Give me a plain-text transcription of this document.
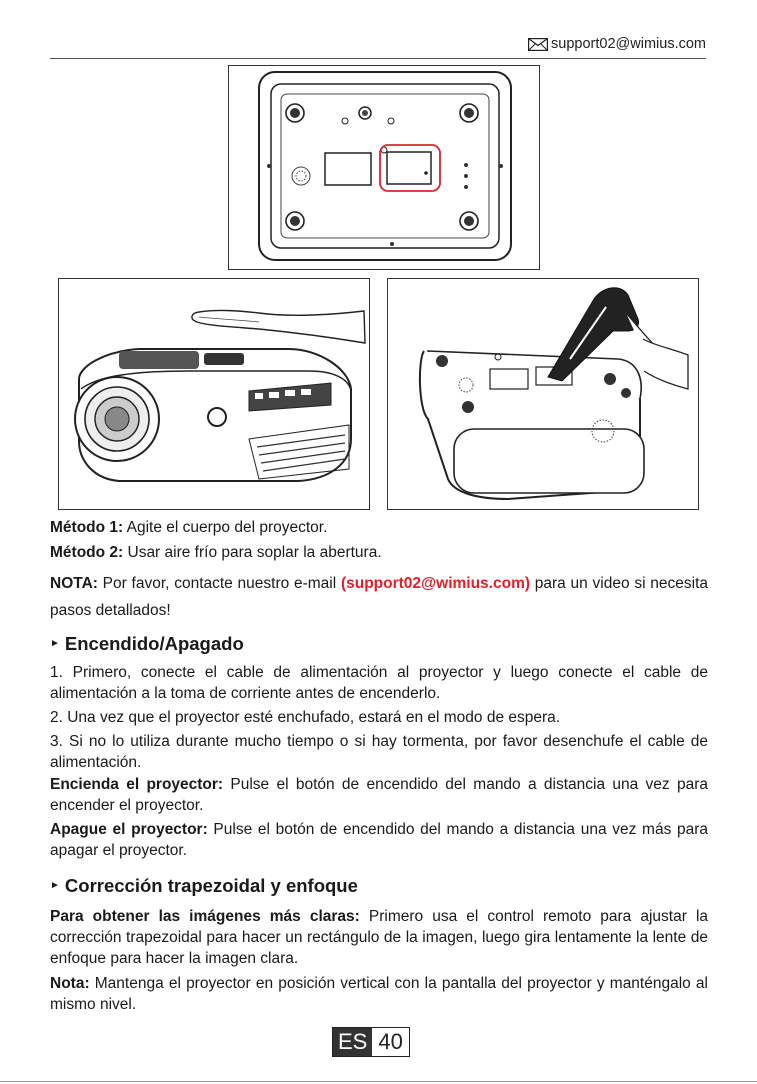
support02@wimius.com

Método 1: Agite el cuerpo del proyector.

Método 2: Usar aire frío para soplar la abertura.

NOTA: Por favor, contacte nuestro e-mail (support02@wimius.com) para un video si necesita pasos detallados!

► Encendido/Apagado

1. Primero, conecte el cable de alimentación al proyector y luego conecte el cable de alimentación a la toma de corriente antes de encenderlo.

2. Una vez que el proyector esté enchufado, estará en el modo de espera.

3. Si no lo utiliza durante mucho tiempo o si hay tormenta, por favor desenchufe el cable de alimentación.

Encienda el proyector: Pulse el botón de encendido del mando a distancia una vez para encender el proyector.

Apague el proyector: Pulse el botón de encendido del mando a distancia una vez más para apagar el proyector.

► Corrección trapezoidal y enfoque

Para obtener las imágenes más claras: Primero usa el control remoto para ajustar la corrección trapezoidal para hacer un rectángulo de la imagen, luego gira lentamente la lente de enfoque para hacer la imagen clara.

Nota: Mantenga el proyector en posición vertical con la pantalla del proyector y manténgalo al mismo nivel.

ES 40
